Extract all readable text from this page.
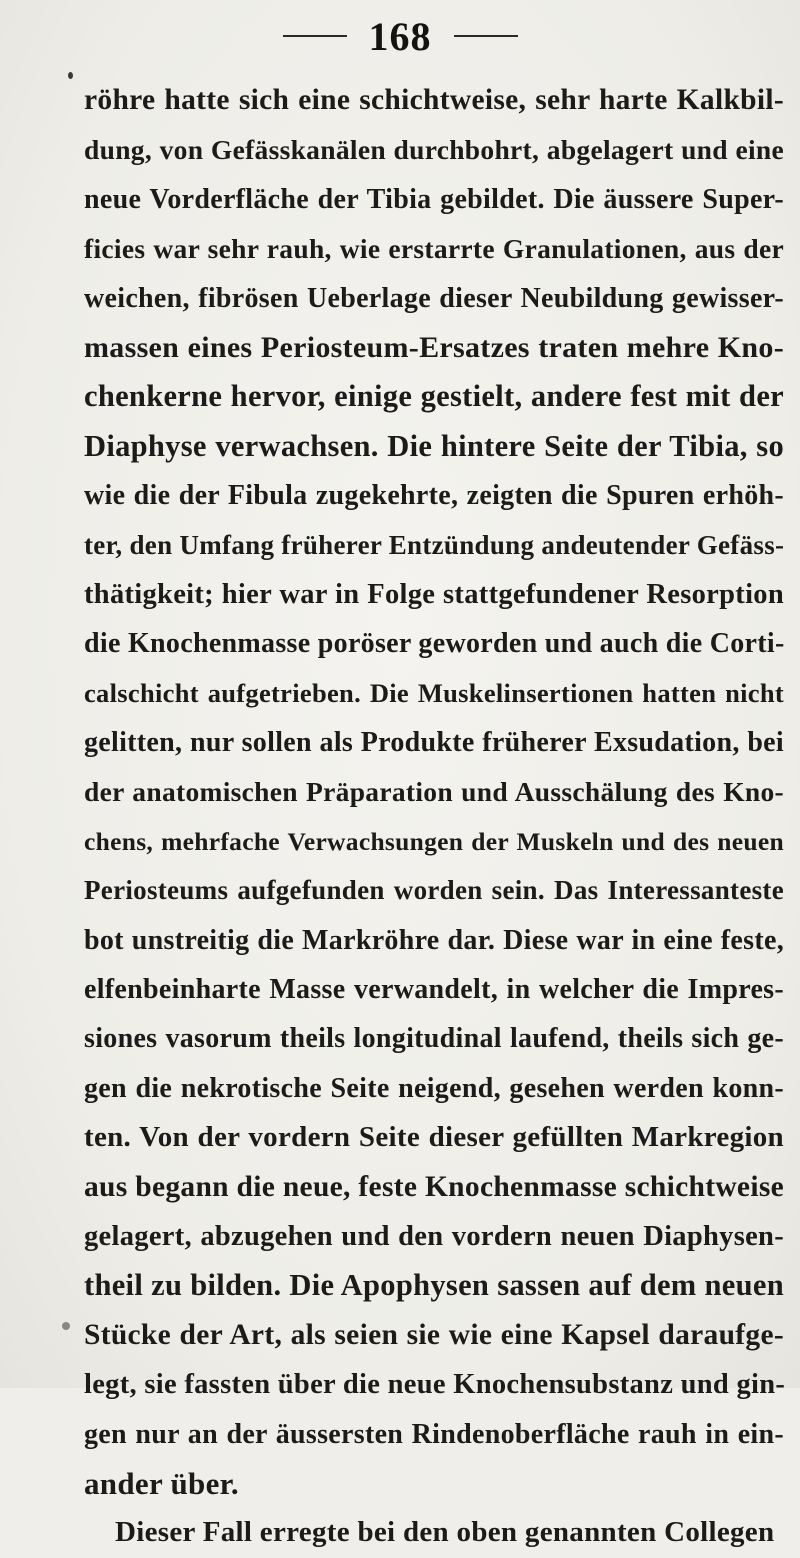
168
röhre hatte sich eine schichtweise, sehr harte Kalkbil-
dung, von Gefässkanälen durchbohrt, abgelagert und eine
neue Vorderfläche der Tibia gebildet. Die äussere Super-
ficies war sehr rauh, wie erstarrte Granulationen, aus der
weichen, fibrösen Ueberlage dieser Neubildung gewisser-
massen eines Periosteum-Ersatzes traten mehre Kno-
chenkerne hervor, einige gestielt, andere fest mit der
Diaphyse verwachsen. Die hintere Seite der Tibia, so
wie die der Fibula zugekehrte, zeigten die Spuren erhöh-
ter, den Umfang früherer Entzündung andeutender Gefäss-
thätigkeit; hier war in Folge stattgefundener Resorption
die Knochenmasse poröser geworden und auch die Corti-
calschicht aufgetrieben. Die Muskelinsertionen hatten nicht
gelitten, nur sollen als Produkte früherer Exsudation, bei
der anatomischen Präparation und Ausschälung des Kno-
chens, mehrfache Verwachsungen der Muskeln und des neuen
Periosteums aufgefunden worden sein. Das Interessanteste
bot unstreitig die Markröhre dar. Diese war in eine feste,
elfenbeinharte Masse verwandelt, in welcher die Impres-
siones vasorum theils longitudinal laufend, theils sich ge-
gen die nekrotische Seite neigend, gesehen werden konn-
ten. Von der vordern Seite dieser gefüllten Markregion
aus begann die neue, feste Knochenmasse schichtweise
gelagert, abzugehen und den vordern neuen Diaphysen-
theil zu bilden. Die Apophysen sassen auf dem neuen
Stücke der Art, als seien sie wie eine Kapsel daraufge-
legt, sie fassten über die neue Knochensubstanz und gin-
gen nur an der äussersten Rindenoberfläche rauh in ein-
ander über.
Dieser Fall erregte bei den oben genannten Collegen
